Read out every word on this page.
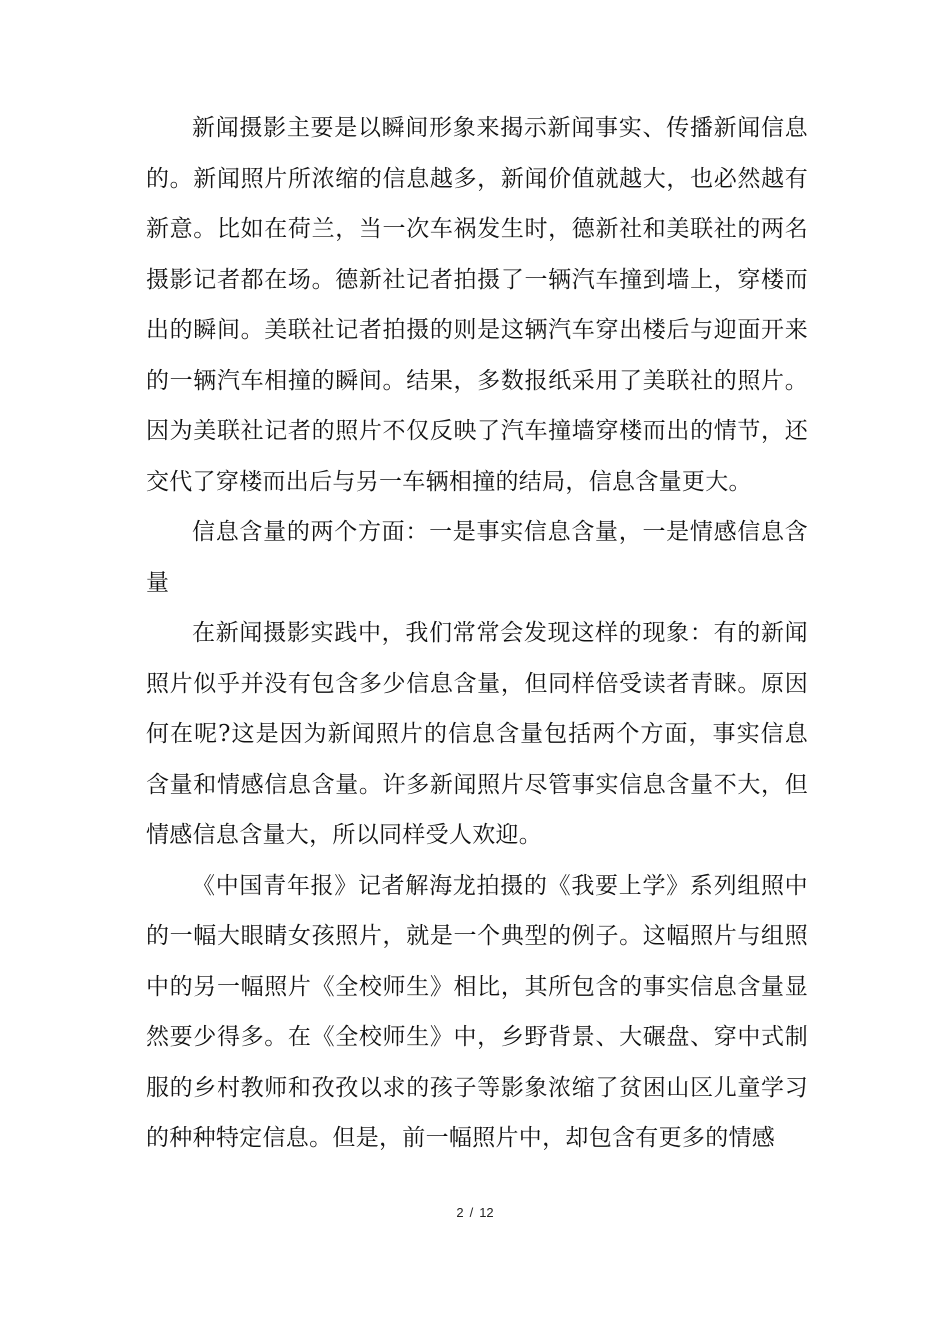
新闻摄影主要是以瞬间形象来揭示新闻事实、传播新闻信息的。新闻照片所浓缩的信息越多，新闻价值就越大，也必然越有新意。比如在荷兰，当一次车祸发生时，德新社和美联社的两名摄影记者都在场。德新社记者拍摄了一辆汽车撞到墙上，穿楼而出的瞬间。美联社记者拍摄的则是这辆汽车穿出楼后与迎面开来的一辆汽车相撞的瞬间。结果，多数报纸采用了美联社的照片。因为美联社记者的照片不仅反映了汽车撞墙穿楼而出的情节，还交代了穿楼而出后与另一车辆相撞的结局，信息含量更大。

信息含量的两个方面：一是事实信息含量，一是情感信息含量

在新闻摄影实践中，我们常常会发现这样的现象：有的新闻照片似乎并没有包含多少信息含量，但同样倍受读者青睐。原因何在呢?这是因为新闻照片的信息含量包括两个方面，事实信息含量和情感信息含量。许多新闻照片尽管事实信息含量不大，但情感信息含量大，所以同样受人欢迎。

《中国青年报》记者解海龙拍摄的《我要上学》系列组照中的一幅大眼睛女孩照片，就是一个典型的例子。这幅照片与组照中的另一幅照片《全校师生》相比，其所包含的事实信息含量显然要少得多。在《全校师生》中，乡野背景、大碾盘、穿中式制服的乡村教师和孜孜以求的孩子等影象浓缩了贫困山区儿童学习的种种特定信息。但是，前一幅照片中，却包含有更多的情感

2 / 12
